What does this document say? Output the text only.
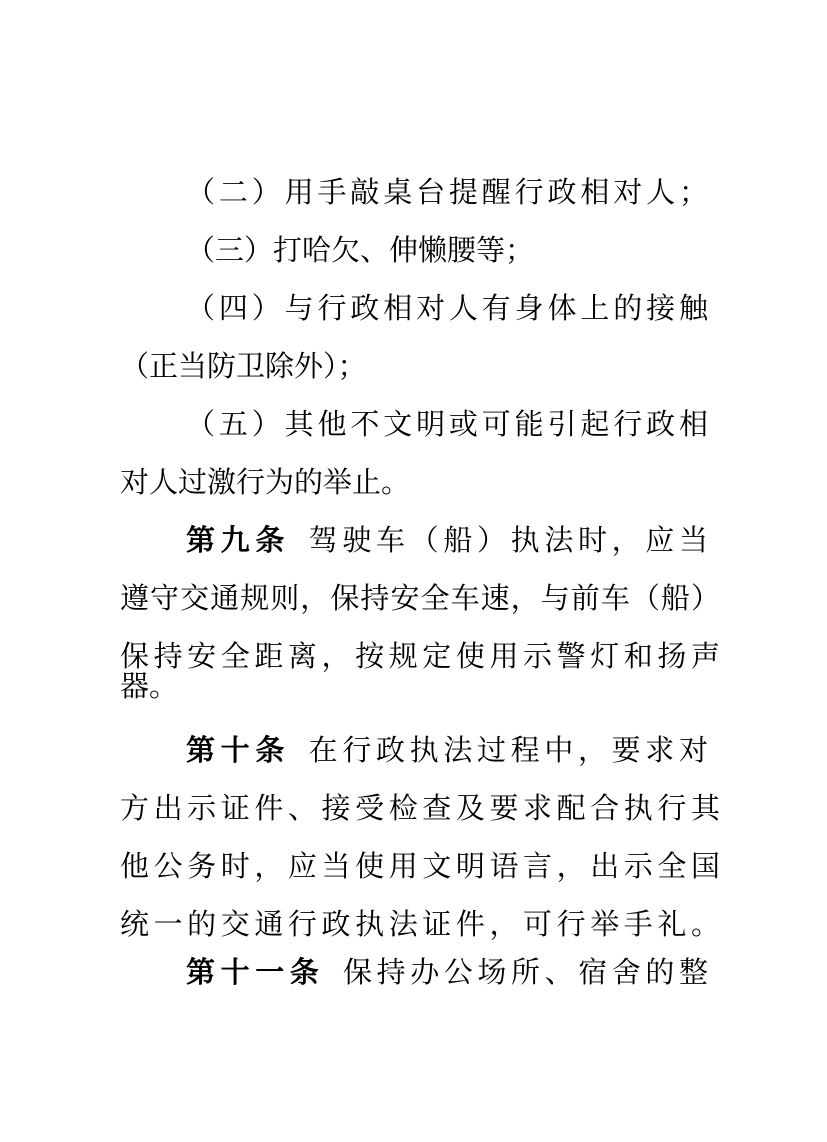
（二）用手敲桌台提醒行政相对人；
（三）打哈欠、伸懒腰等；
（四）与行政相对人有身体上的接触
（正当防卫除外）；
（五）其他不文明或可能引起行政相
对人过激行为的举止。
第九条 驾驶车（船）执法时，应当
遵守交通规则，保持安全车速，与前车（船）
保持安全距离，按规定使用示警灯和扬声
器。
第十条 在行政执法过程中，要求对
方出示证件、接受检查及要求配合执行其
他公务时，应当使用文明语言，出示全国
统一的交通行政执法证件，可行举手礼。
第十一条 保持办公场所、宿舍的整
